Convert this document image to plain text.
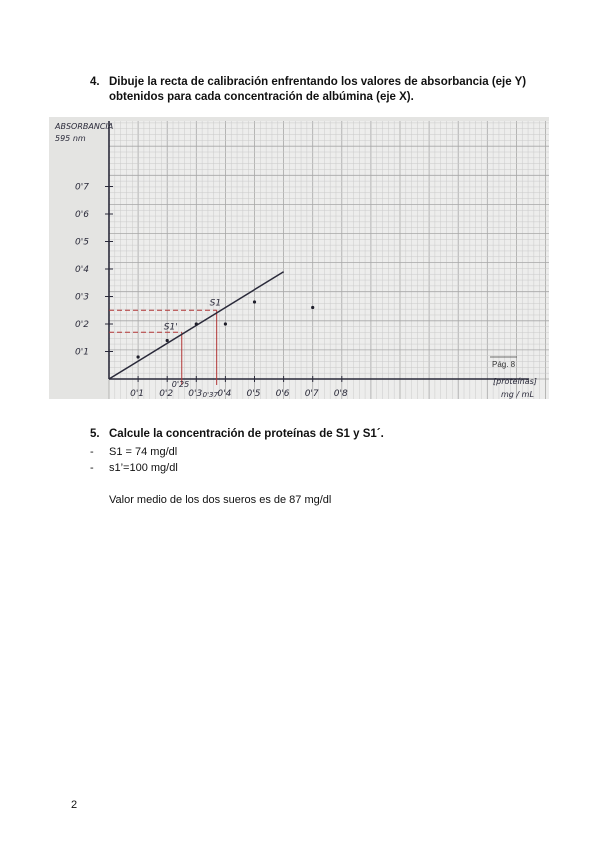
4. Dibuje la recta de calibración enfrentando los valores de absorbancia (eje Y)
obtenidos para cada concentración de albúmina (eje X).
0'1
0'2
0'3
0'4
0'5
0'6
0'7
0'1 0'2 0'3 0'4 0'5 0'6 0'7 0'8
ABSORBANCIA
595 nm
[proteínas]
mg / mL
Pág. 8
S1
S1'
0'25
0'37
5. Calcule la concentración de proteínas de S1 y S1´.
-	S1 = 74 mg/dl
-	s1’=100 mg/dl
Valor medio de los dos sueros es de 87 mg/dl
2
